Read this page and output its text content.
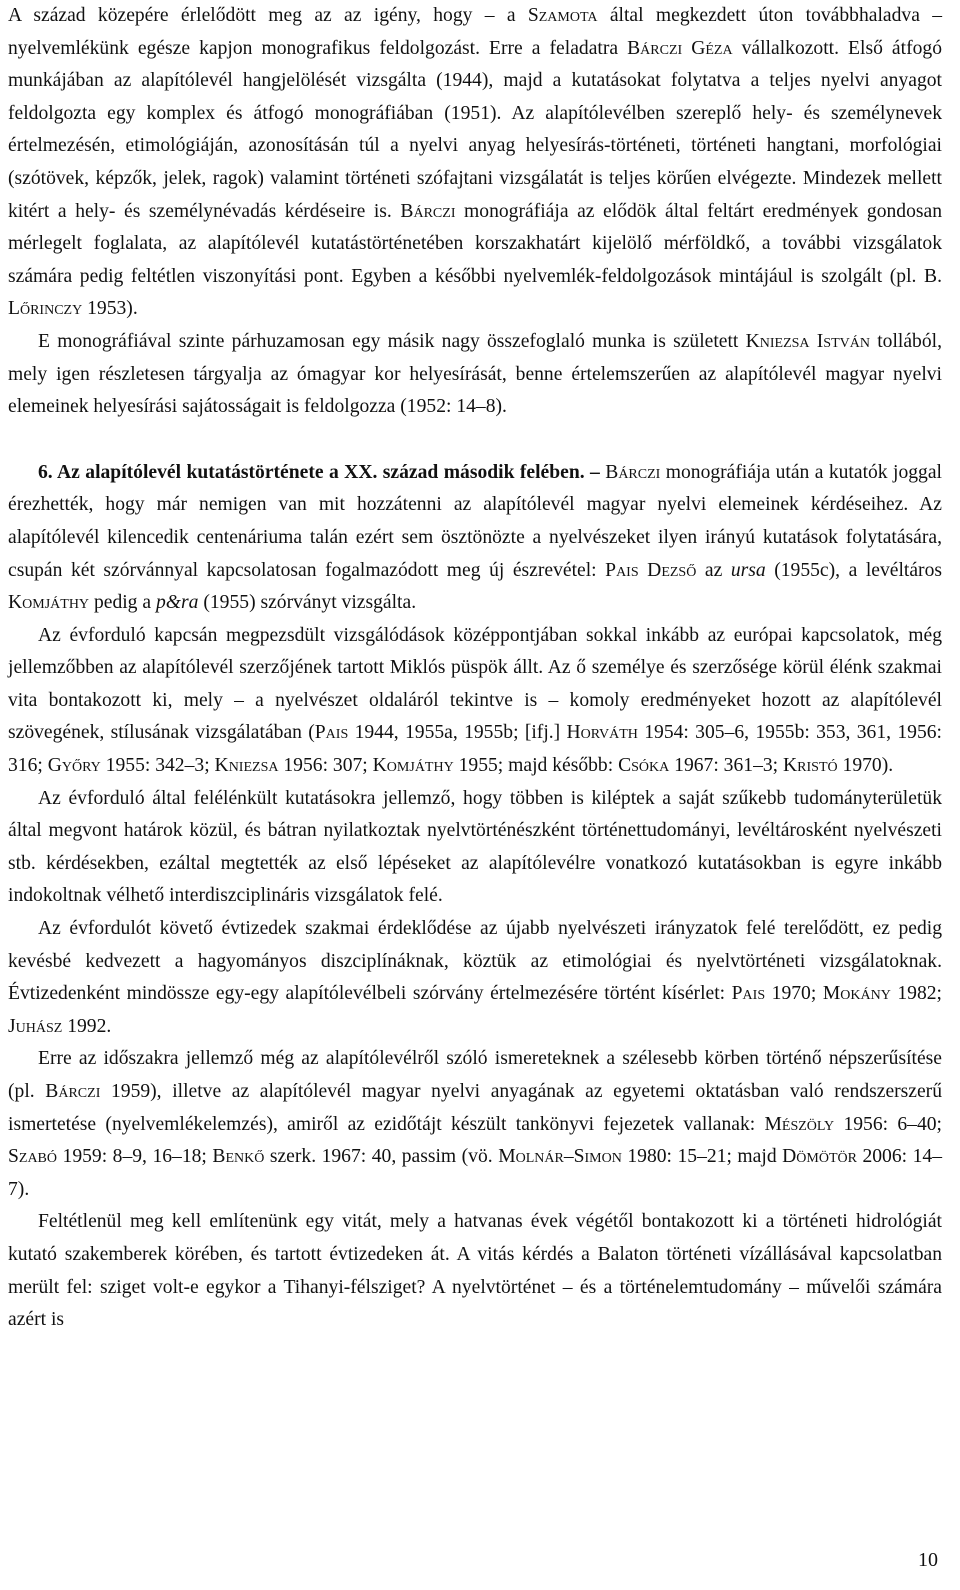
A század közepére érlelődött meg az az igény, hogy – a Szamota által megkezdett úton továbbhaladva – nyelvemlékünk egésze kapjon monografikus feldolgozást. Erre a feladatra Bárczi Géza vállalkozott. Első átfogó munkájában az alapítólevél hangjelölését vizsgálta (1944), majd a kutatásokat folytatva a teljes nyelvi anyagot feldolgozta egy komplex és átfogó monográfiában (1951). Az alapítólevélben szereplő hely- és személynevek értelmezésén, etimológiáján, azonosításán túl a nyelvi anyag helyesírás-történeti, történeti hangtani, morfológiai (szótövek, képzők, jelek, ragok) valamint történeti szófajtani vizsgálatát is teljes körűen elvégezte. Mindezek mellett kitért a hely- és személynévadás kérdéseire is. Bárczi monográfiája az elődök által feltárt eredmények gondosan mérlegelt foglalata, az alapítólevél kutatástörténetében korszakhatárt kijelölő mérföldkő, a további vizsgálatok számára pedig feltétlen viszonyítási pont. Egyben a későbbi nyelvemlék-feldolgozások mintájául is szolgált (pl. B. Lőrinczy 1953).

E monográfiával szinte párhuzamosan egy másik nagy összefoglaló munka is született Kniezsa István tollából, mely igen részletesen tárgyalja az ómagyar kor helyesírását, benne értelemszerűen az alapítólevél magyar nyelvi elemeinek helyesírási sajátosságait is feldolgozza (1952: 14–8).

6. Az alapítólevél kutatástörténete a XX. század második felében. – Bárczi monográfiája után a kutatók joggal érezhették, hogy már nemigen van mit hozzátenni az alapítólevél magyar nyelvi elemeinek kérdéseihez. Az alapítólevél kilencedik centenáriuma talán ezért sem ösztönözte a nyelvészeket ilyen irányú kutatások folytatására, csupán két szórvánnyal kapcsolatosan fogalmazódott meg új észrevétel: Pais Dezső az ursa (1955c), a levéltáros Komjáthy pedig a p&ra (1955) szórványt vizsgálta.

Az évforduló kapcsán megpezsdült vizsgálódások középpontjában sokkal inkább az európai kapcsolatok, még jellemzőbben az alapítólevél szerzőjének tartott Miklós püspök állt. Az ő személye és szerzősége körül élénk szakmai vita bontakozott ki, mely – a nyelvészet oldaláról tekintve is – komoly eredményeket hozott az alapítólevél szövegének, stílusának vizsgálatában (Pais 1944, 1955a, 1955b; [ifj.] Horváth 1954: 305–6, 1955b: 353, 361, 1956: 316; Győry 1955: 342–3; Kniezsa 1956: 307; Komjáthy 1955; majd később: Csóka 1967: 361–3; Kristó 1970).

Az évforduló által felélénkült kutatásokra jellemző, hogy többen is kiléptek a saját szűkebb tudományterületük által megvont határok közül, és bátran nyilatkoztak nyelvtörténészként történettudományi, levéltárosként nyelvészeti stb. kérdésekben, ezáltal megtették az első lépéseket az alapítólevélre vonatkozó kutatásokban is egyre inkább indokoltnak vélhető interdiszciplináris vizsgálatok felé.

Az évfordulót követő évtizedek szakmai érdeklődése az újabb nyelvészeti irányzatok felé terelődött, ez pedig kevésbé kedvezett a hagyományos diszciplínáknak, köztük az etimológiai és nyelvtörténeti vizsgálatoknak. Évtizedenként mindössze egy-egy alapítólevélbeli szórvány értelmezésére történt kísérlet: Pais 1970; Mokány 1982; Juhász 1992.

Erre az időszakra jellemző még az alapítólevélről szóló ismereteknek a szélesebb körben történő népszerűsítése (pl. Bárczi 1959), illetve az alapítólevél magyar nyelvi anyagának az egyetemi oktatásban való rendszerszerű ismertetése (nyelvemlékelemzés), amiről az ezidőtájt készült tankönyvi fejezetek vallanak: Mészöly 1956: 6–40; Szabó 1959: 8–9, 16–18; Benkő szerk. 1967: 40, passim (vö. Molnár–Simon 1980: 15–21; majd Dömötör 2006: 14–7).

Feltétlenül meg kell említenünk egy vitát, mely a hatvanas évek végétől bontakozott ki a történeti hidrológiát kutató szakemberek körében, és tartott évtizedeken át. A vitás kérdés a Balaton történeti vízállásával kapcsolatban merült fel: sziget volt-e egykor a Tihanyi-félsziget? A nyelvtörténet – és a történelemtudomány – művelői számára azért is

10
